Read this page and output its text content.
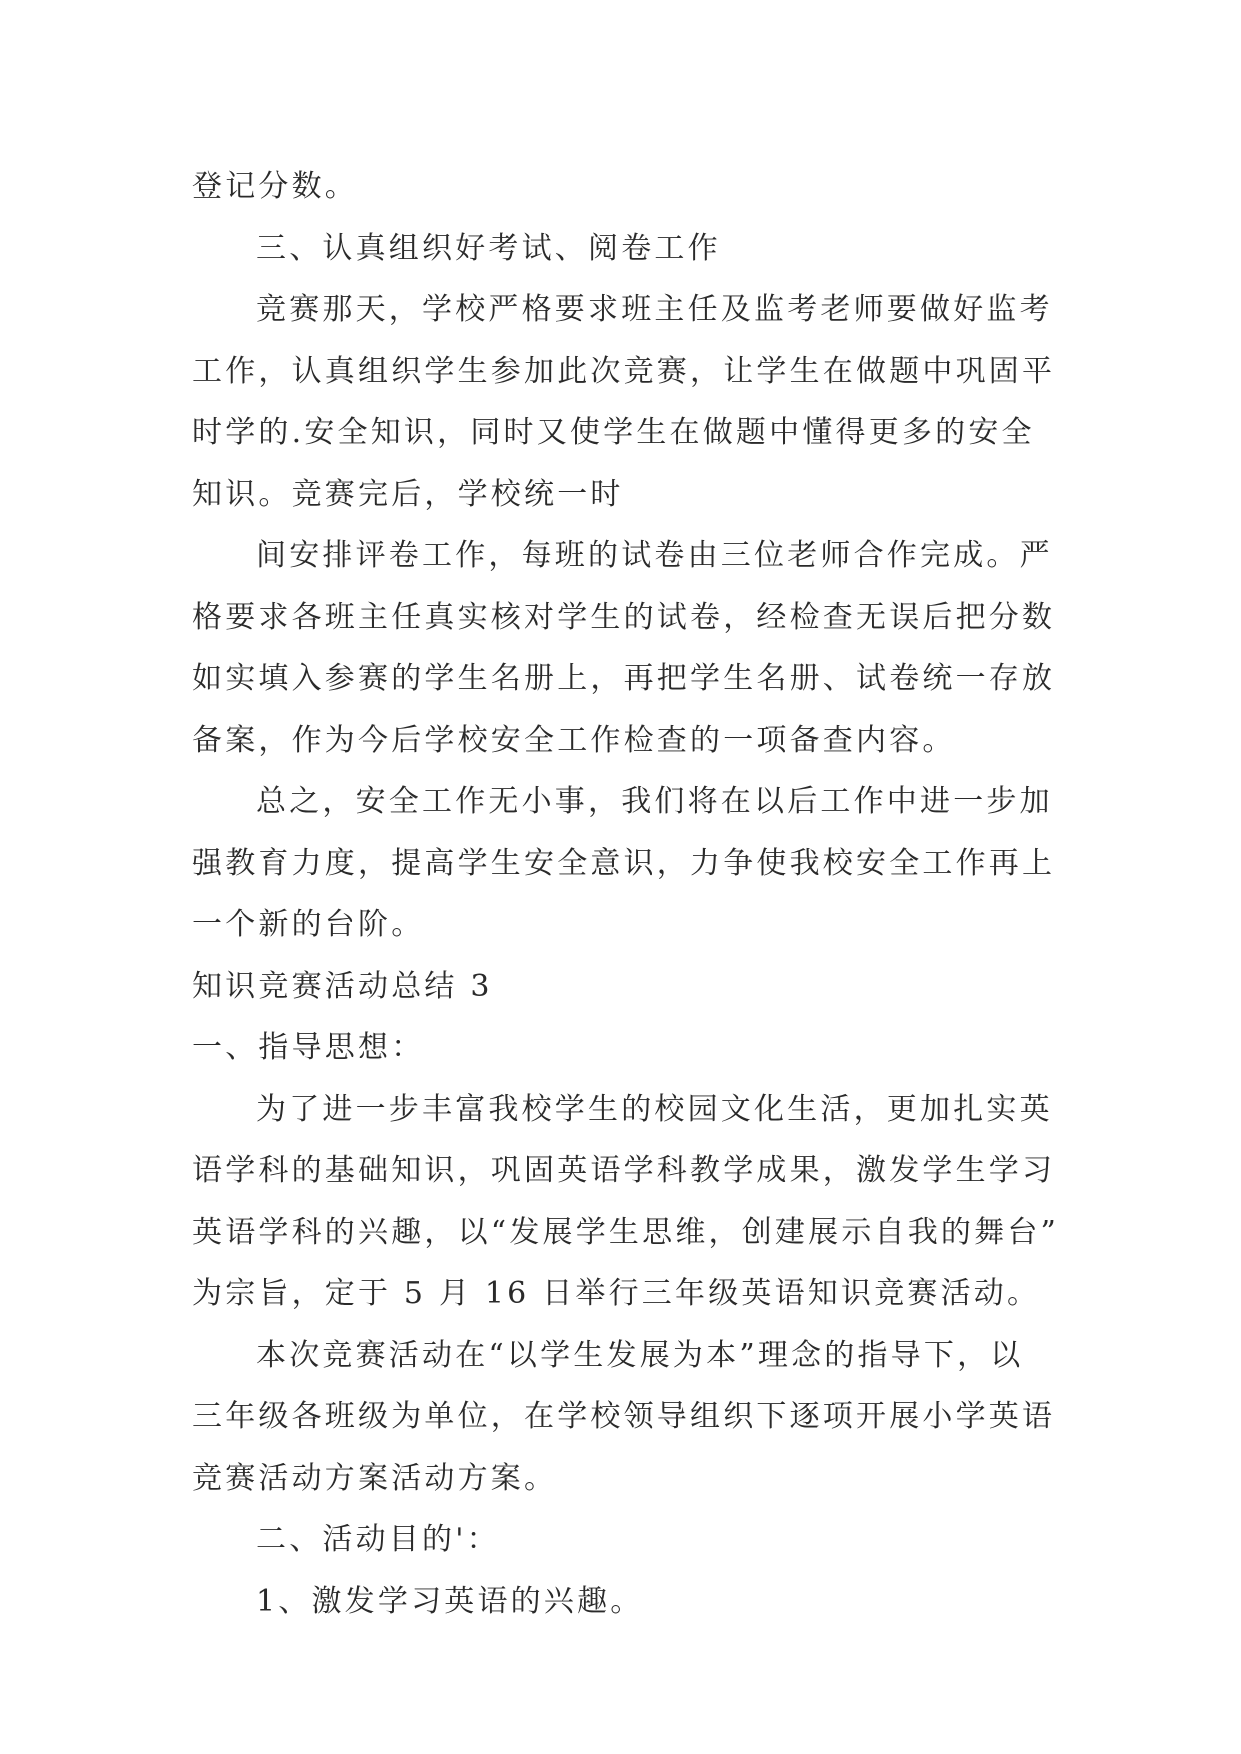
登记分数。
三、认真组织好考试、阅卷工作
竞赛那天，学校严格要求班主任及监考老师要做好监考
工作，认真组织学生参加此次竞赛，让学生在做题中巩固平
时学的.安全知识，同时又使学生在做题中懂得更多的安全
知识。竞赛完后，学校统一时
间安排评卷工作，每班的试卷由三位老师合作完成。严
格要求各班主任真实核对学生的试卷，经检查无误后把分数
如实填入参赛的学生名册上，再把学生名册、试卷统一存放
备案，作为今后学校安全工作检查的一项备查内容。
总之，安全工作无小事，我们将在以后工作中进一步加
强教育力度，提高学生安全意识，力争使我校安全工作再上
一个新的台阶。
知识竞赛活动总结 3
一、指导思想：
为了进一步丰富我校学生的校园文化生活，更加扎实英
语学科的基础知识，巩固英语学科教学成果，激发学生学习
英语学科的兴趣，以“发展学生思维，创建展示自我的舞台”
为宗旨，定于 5 月 16 日举行三年级英语知识竞赛活动。
本次竞赛活动在“以学生发展为本”理念的指导下，以
三年级各班级为单位，在学校领导组织下逐项开展小学英语
竞赛活动方案活动方案。
二、活动目的'：
1、激发学习英语的兴趣。
